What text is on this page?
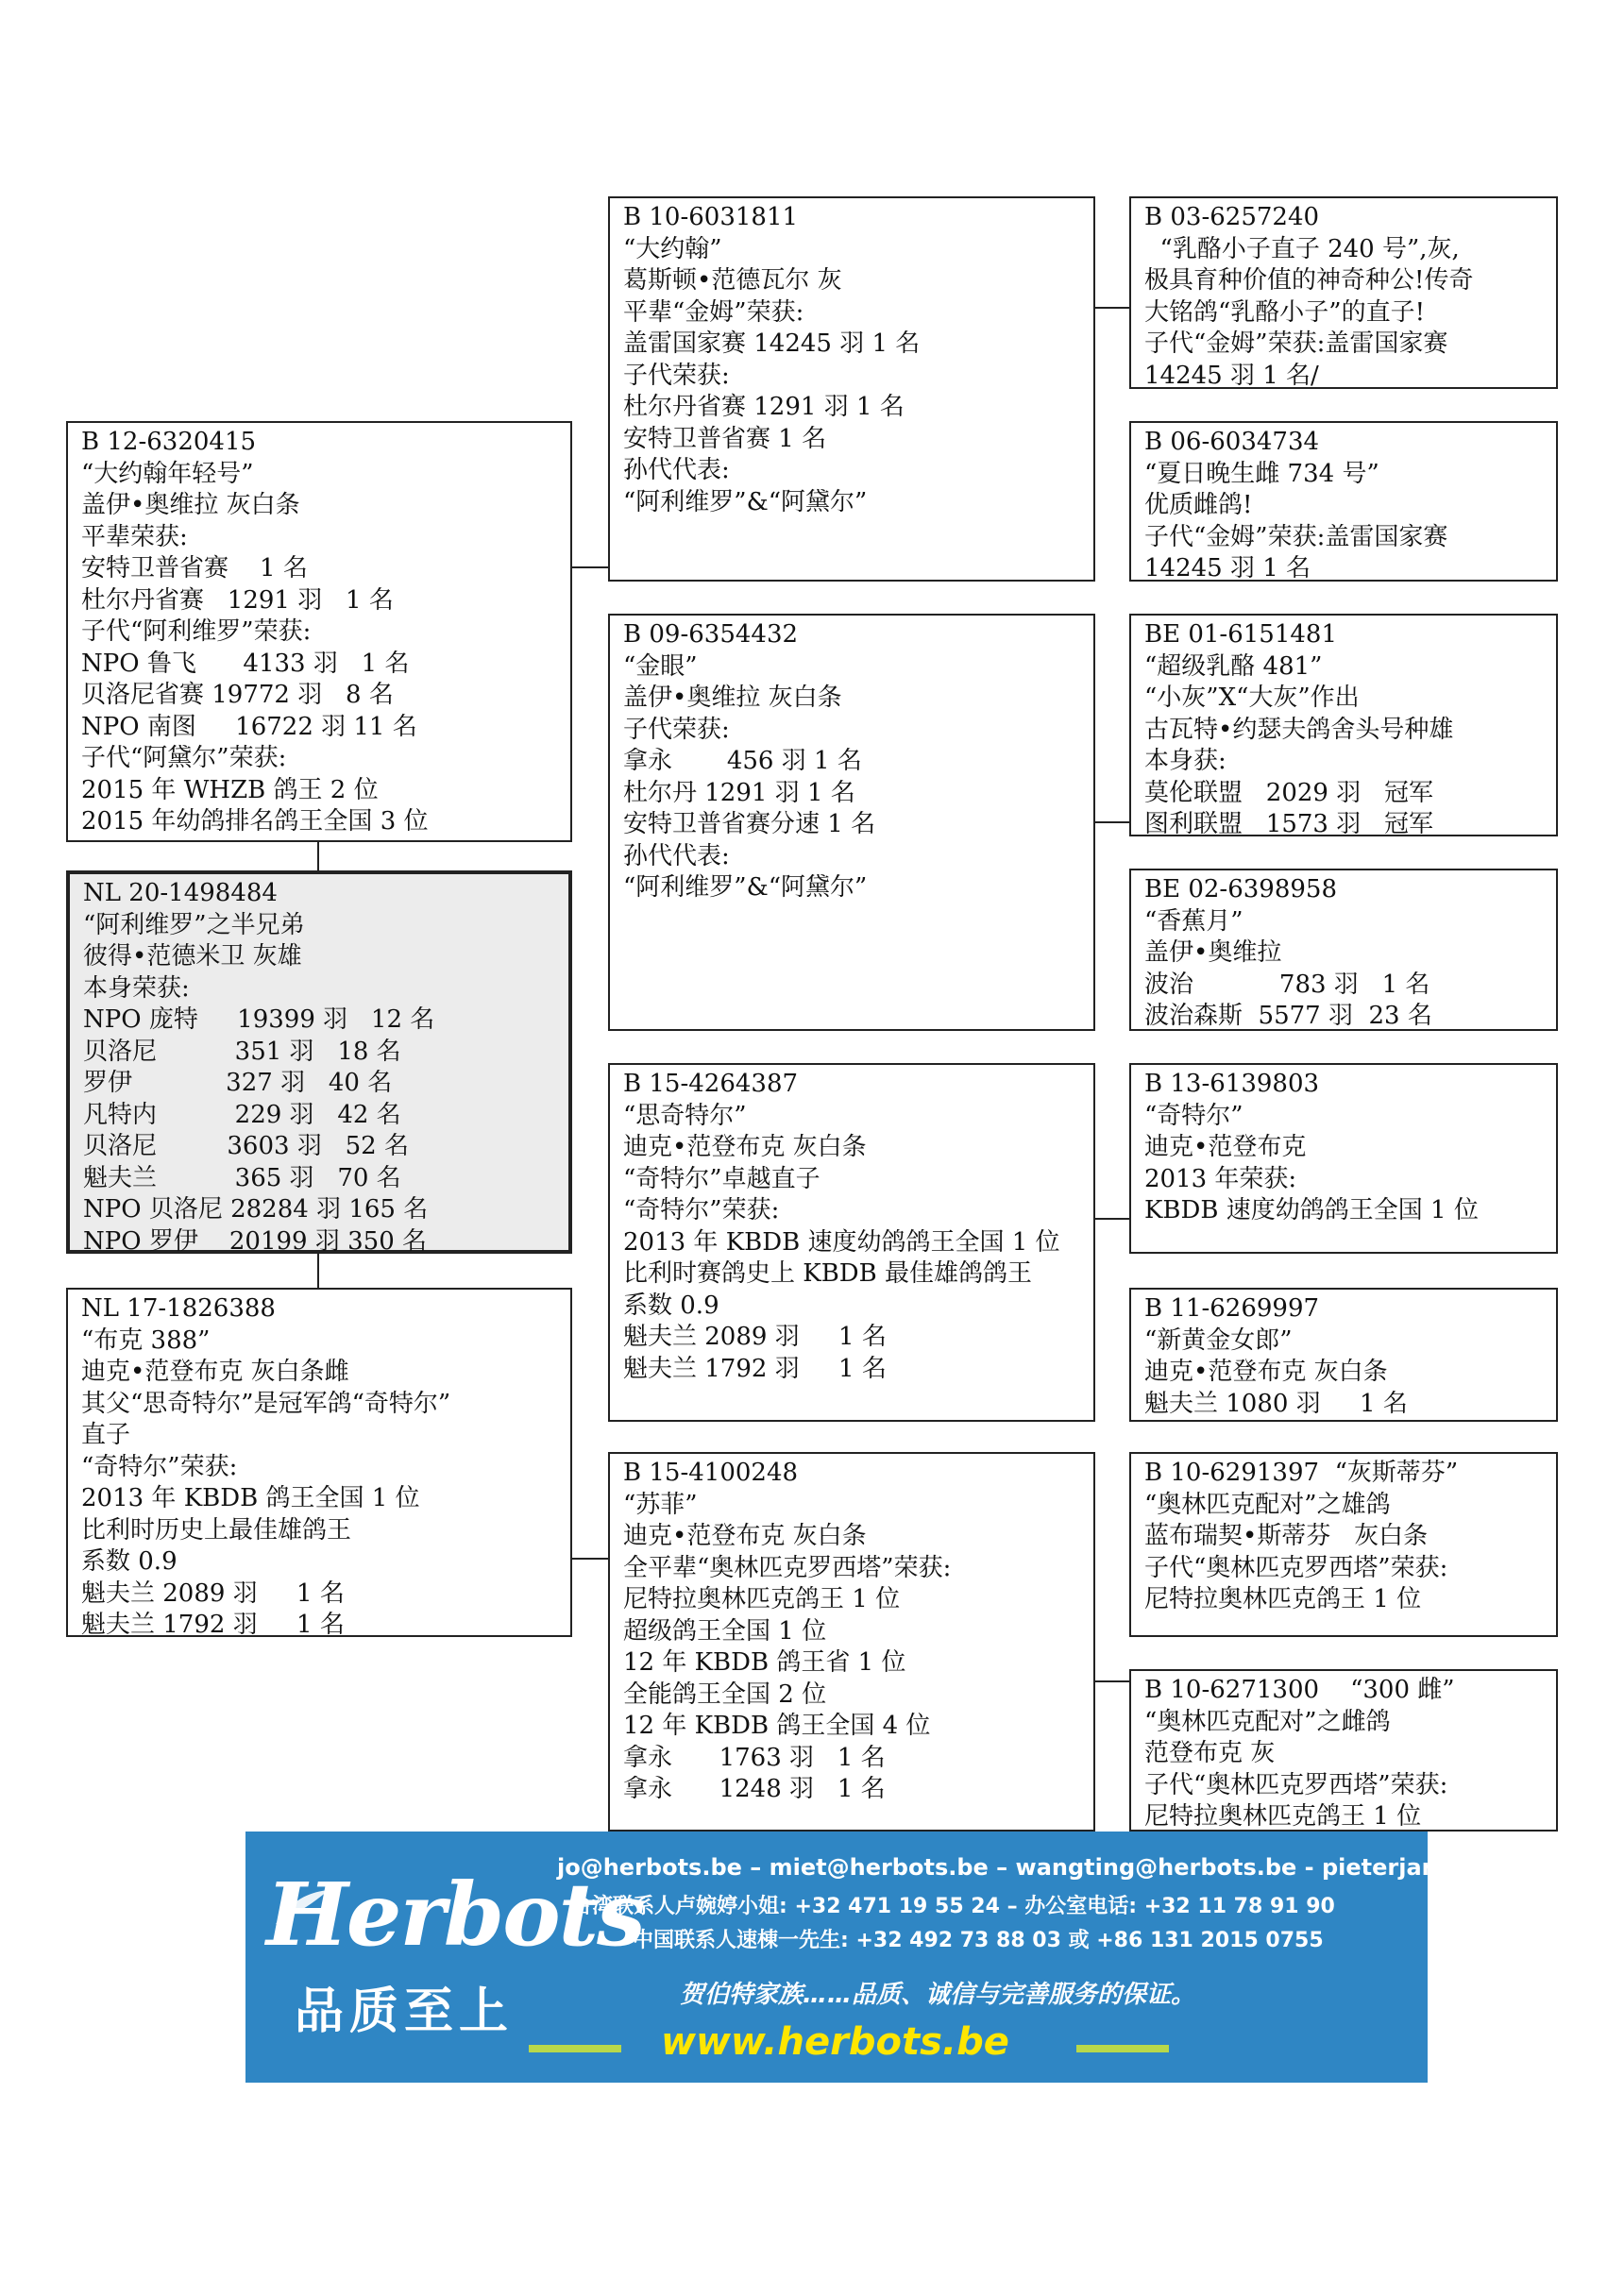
B 12-6320415
“大约翰年轻号”
盖伊•奥维拉 灰白条
平辈荣获:
安特卫普省赛    1 名
杜尔丹省赛   1291 羽   1 名
子代“阿利维罗”荣获:
NPO 鲁飞      4133 羽   1 名
贝洛尼省赛 19772 羽   8 名
NPO 南图     16722 羽 11 名
子代“阿黛尔”荣获:
2015 年 WHZB 鸽王 2 位
2015 年幼鸽排名鸽王全国 3 位
NL 20-1498484
“阿利维罗”之半兄弟
彼得•范德米卫 灰雄
本身荣获:
NPO 庞特     19399 羽   12 名
贝洛尼          351 羽   18 名
罗伊            327 羽   40 名
凡特内          229 羽   42 名
贝洛尼         3603 羽   52 名
魁夫兰          365 羽   70 名
NPO 贝洛尼 28284 羽 165 名
NPO 罗伊    20199 羽 350 名
NL 17-1826388
“布克 388”
迪克•范登布克 灰白条雌
其父“思奇特尔”是冠军鸽“奇特尔”
直子
“奇特尔”荣获:
2013 年 KBDB 鸽王全国 1 位
比利时历史上最佳雄鸽王
系数 0.9
魁夫兰 2089 羽     1 名
魁夫兰 1792 羽     1 名
B 10-6031811
“大约翰”
葛斯顿•范德瓦尔 灰
平辈“金姆”荣获:
盖雷国家赛 14245 羽 1 名
子代荣获:
杜尔丹省赛 1291 羽 1 名
安特卫普省赛 1 名
孙代代表:
“阿利维罗”&“阿黛尔”
B 09-6354432
“金眼”
盖伊•奥维拉 灰白条
子代荣获:
拿永       456 羽 1 名
杜尔丹 1291 羽 1 名
安特卫普省赛分速 1 名
孙代代表:
“阿利维罗”&“阿黛尔”
B 15-4264387
“思奇特尔”
迪克•范登布克 灰白条
“奇特尔”卓越直子
“奇特尔”荣获:
2013 年 KBDB 速度幼鸽鸽王全国 1 位
比利时赛鸽史上 KBDB 最佳雄鸽鸽王
系数 0.9
魁夫兰 2089 羽     1 名
魁夫兰 1792 羽     1 名
B 15-4100248
“苏菲”
迪克•范登布克 灰白条
全平辈“奥林匹克罗西塔”荣获:
尼特拉奥林匹克鸽王 1 位
超级鸽王全国 1 位
12 年 KBDB 鸽王省 1 位
全能鸽王全国 2 位
12 年 KBDB 鸽王全国 4 位
拿永      1763 羽   1 名
拿永      1248 羽   1 名
B 03-6257240
“乳酪小子直子 240 号”,灰,
极具育种价值的神奇种公!传奇
大铭鸽“乳酪小子”的直子!
子代“金姆”荣获:盖雷国家赛
14245 羽 1 名/
B 06-6034734
“夏日晚生雌 734 号”
优质雌鸽!
子代“金姆”荣获:盖雷国家赛
14245 羽 1 名
BE 01-6151481
“超级乳酪 481”
“小灰”X“大灰”作出
古瓦特•约瑟夫鸽舍头号种雄
本身获:
莫伦联盟   2029 羽   冠军
图利联盟   1573 羽   冠军
BE 02-6398958
“香蕉月”
盖伊•奥维拉
波治           783 羽   1 名
波治森斯  5577 羽  23 名
B 13-6139803
“奇特尔”
迪克•范登布克
2013 年荣获:
KBDB 速度幼鸽鸽王全国 1 位
B 11-6269997
“新黄金女郎”
迪克•范登布克 灰白条
魁夫兰 1080 羽     1 名
B 10-6291397  “灰斯蒂芬”
“奥林匹克配对”之雄鸽
蓝布瑞契•斯蒂芬   灰白条
子代“奥林匹克罗西塔”荣获:
尼特拉奥林匹克鸽王 1 位
B 10-6271300    “300 雌”
“奥林匹克配对”之雌鸽
范登布克 灰
子代“奥林匹克罗西塔”荣获:
尼特拉奥林匹克鸽王 1 位
Herbots
品质至上
jo@herbots.be – miet@herbots.be – wangting@herbots.be - pieterjan@herbots.be
台湾联系人卢婉婷小姐: +32 471 19 55 24 – 办公室电话: +32 11 78 91 90
中国联系人速棟一先生: +32 492 73 88 03 或 +86 131 2015 0755
贺伯特家族……品质、诚信与完善服务的保证。
www.herbots.be
